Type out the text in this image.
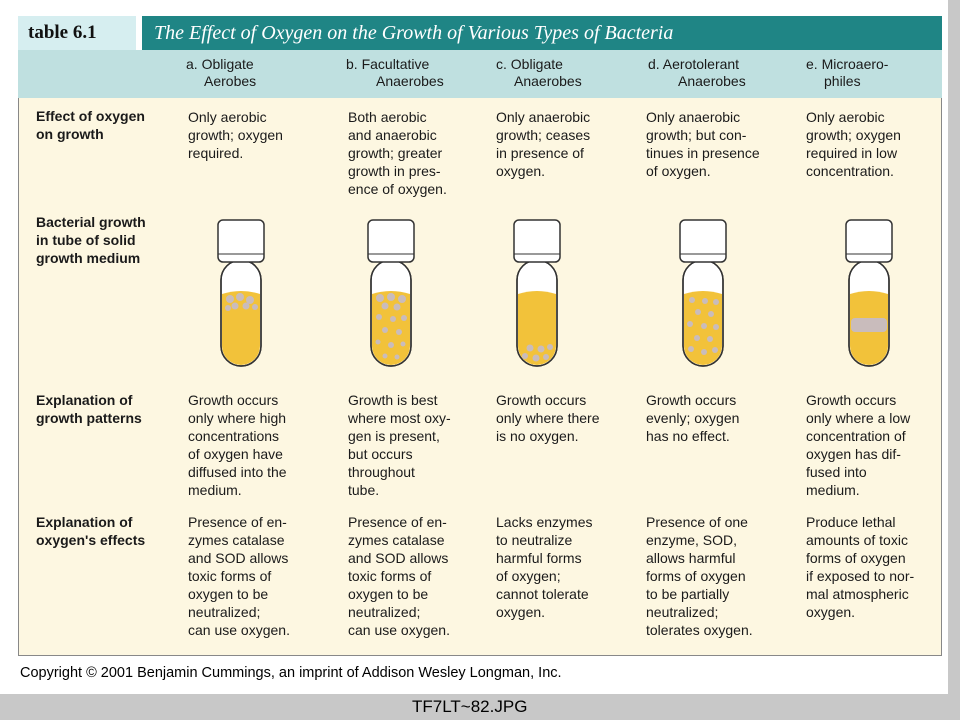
table 6.1	The Effect of Oxygen on the Growth of Various Types of Bacteria
a. Obligate
Aerobes
b. Facultative
Anaerobes
c. Obligate
Anaerobes
d. Aerotolerant
Anaerobes
e. Microaero-
philes
Effect of oxygen
on growth
Only aerobic
growth; oxygen
required.
Both aerobic
and anaerobic
growth; greater
growth in pres-
ence of oxygen.
Only anaerobic
growth; ceases
in presence of
oxygen.
Only anaerobic
growth; but con-
tinues in presence
of oxygen.
Only aerobic
growth; oxygen
required in low
concentration.
Bacterial growth
in tube of solid
growth medium
Explanation of
growth patterns
Growth occurs
only where high
concentrations
of oxygen have
diffused into the
medium.
Growth is best
where most oxy-
gen is present,
but occurs
throughout
tube.
Growth occurs
only where there
is no oxygen.
Growth occurs
evenly; oxygen
has no effect.
Growth occurs
only where a low
concentration of
oxygen has dif-
fused into
medium.
Explanation of
oxygen's effects
Presence of en-
zymes catalase
and SOD allows
toxic forms of
oxygen to be
neutralized;
can use oxygen.
Presence of en-
zymes catalase
and SOD allows
toxic forms of
oxygen to be
neutralized;
can use oxygen.
Lacks enzymes
to neutralize
harmful forms
of oxygen;
cannot tolerate
oxygen.
Presence of one
enzyme, SOD,
allows harmful
forms of oxygen
to be partially
neutralized;
tolerates oxygen.
Produce lethal
amounts of toxic
forms of oxygen
if exposed to nor-
mal atmospheric
oxygen.
Copyright © 2001 Benjamin Cummings, an imprint of Addison Wesley Longman, Inc.
TF7LT~82.JPG
